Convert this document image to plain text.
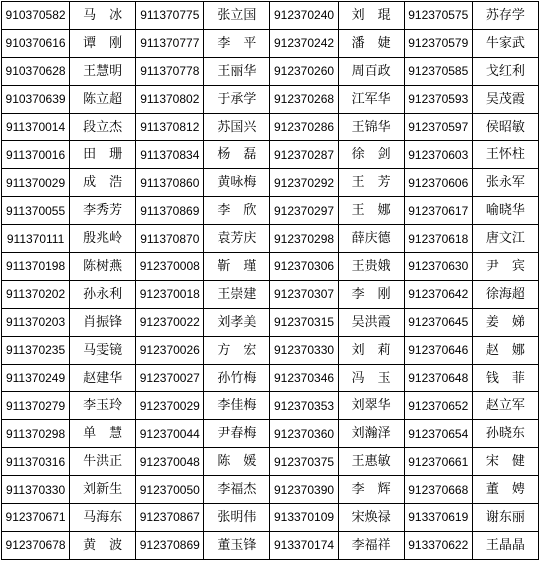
910370582	马　冰	911370775	张立国	912370240	刘　琨	912370575	苏存学
910370616	谭　刚	911370777	李　平	912370242	潘　婕	912370579	牛家武
910370628	王慧明	911370778	王丽华	912370260	周百政	912370585	戈红利
910370639	陈立超	911370802	于承学	912370268	江军华	912370593	吴茂霞
911370014	段立杰	911370812	苏国兴	912370286	王锦华	912370597	侯昭敏
911370016	田　珊	911370834	杨　磊	912370287	徐　剑	912370603	王怀柱
911370029	成　浩	911370860	黄咏梅	912370292	王　芳	912370606	张永军
911370055	李秀芳	911370869	李　欣	912370297	王　娜	912370617	喻晓华
911370111	殷兆岭	911370870	袁芳庆	912370298	薛庆德	912370618	唐文江
911370198	陈树燕	912370008	靳　瑾	912370306	王贵娥	912370630	尹　宾
911370202	孙永利	912370018	王崇建	912370307	李　刚	912370642	徐海超
911370203	肖振锋	912370022	刘孝美	912370315	吴洪霞	912370645	姜　娣
911370235	马雯镜	912370026	方　宏	912370330	刘　莉	912370646	赵　娜
911370249	赵建华	912370027	孙竹梅	912370346	冯　玉	912370648	钱　菲
911370279	李玉玲	912370029	李佳梅	912370353	刘翠华	912370652	赵立军
911370298	单　慧	912370044	尹春梅	912370360	刘瀚泽	912370654	孙晓东
911370316	牛洪正	912370048	陈　媛	912370375	王惠敏	912370661	宋　健
911370330	刘新生	912370050	李福杰	912370390	李　辉	912370668	董　娉
912370671	马海东	912370867	张明伟	913370109	宋焕禄	913370619	谢东丽
912370678	黄　波	912370869	董玉锋	913370174	李福祥	913370622	王晶晶
